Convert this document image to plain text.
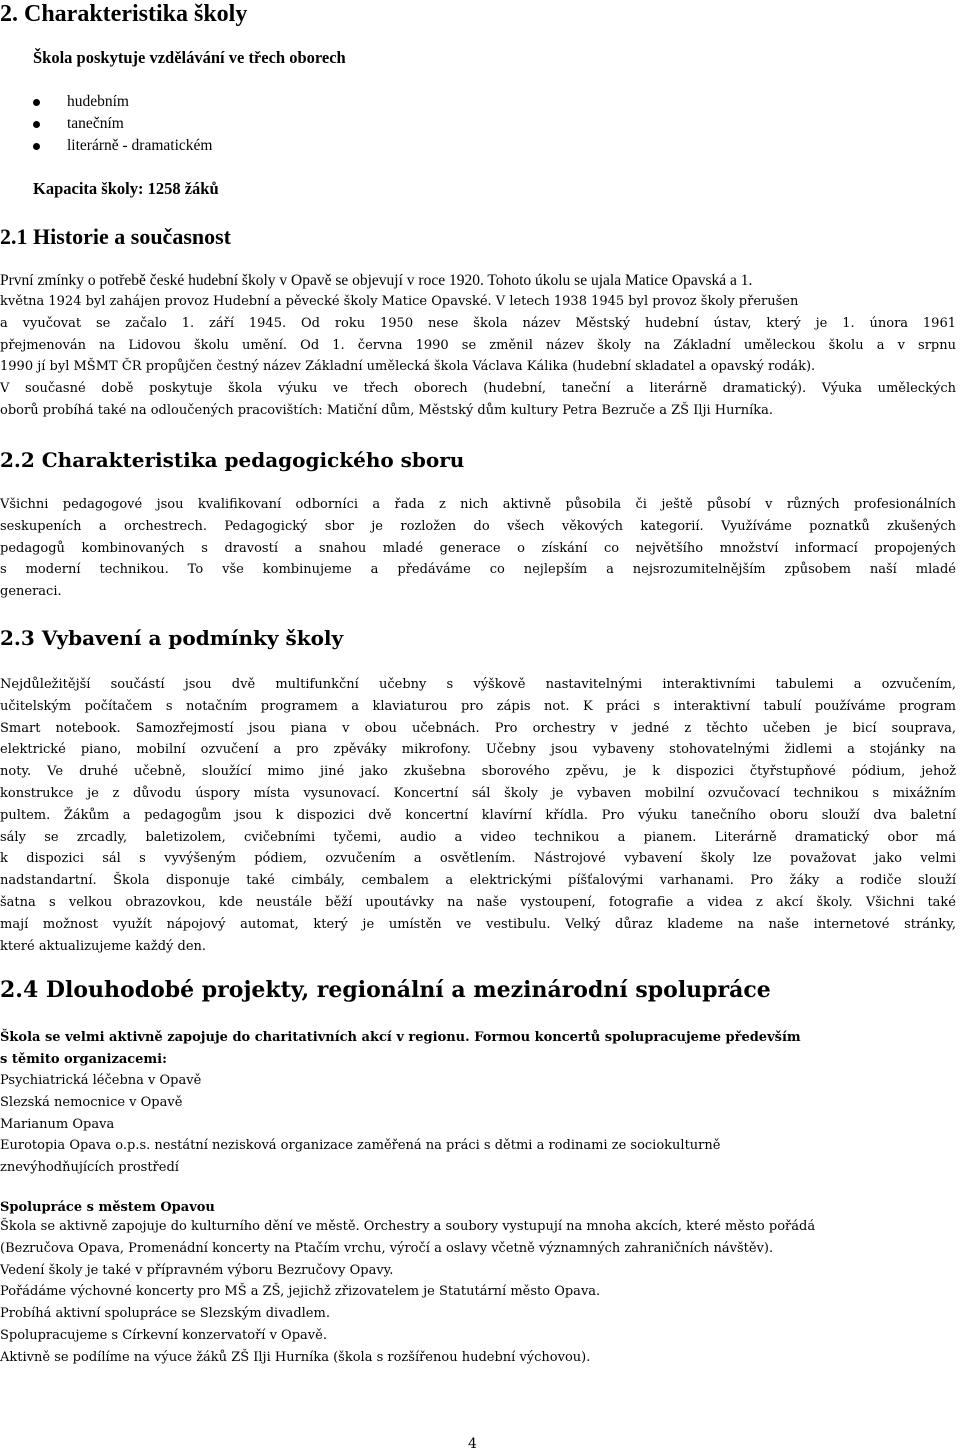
2. Charakteristika školy
Škola poskytuje vzdělávání ve třech oborech
hudebním
tanečním
literárně - dramatickém
Kapacita školy: 1258 žáků
2.1 Historie a současnost
První zmínky o potřebě české hudební školy v Opavě se objevují v roce 1920. Tohoto úkolu se ujala Matice Opavská a 1.
května 1924 byl zahájen provoz Hudební a pěvecké školy Matice Opavské. V letech 1938 1945 byl provoz školy přerušen
a vyučovat se začalo 1. září 1945. Od roku 1950 nese škola název Městský hudební ústav, který je 1. února 1961
přejmenován na Lidovou školu umění. Od 1. června 1990 se změnil název školy na Základní uměleckou školu a v srpnu
1990 jí byl MŠMT ČR propůjčen čestný název Základní umělecká škola Václava Kálika (hudební skladatel a opavský rodák).
V současné době poskytuje škola výuku ve třech oborech (hudební, taneční a literárně dramatický). Výuka uměleckých
oborů probíhá také na odloučených pracovištích: Matiční dům, Městský dům kultury Petra Bezruče a ZŠ Ilji Hurníka.
2.2 Charakteristika pedagogického sboru
Všichni pedagogové jsou kvalifikovaní odborníci a řada z nich aktivně působila či ještě působí v různých profesionálních
seskupeních a orchestrech. Pedagogický sbor je rozložen do všech věkových kategorií. Využíváme poznatků zkušených
pedagogů kombinovaných s dravostí a snahou mladé generace o získání co největšího množství informací propojených
s moderní technikou. To vše kombinujeme a předáváme co nejlepším a nejsrozumitelnějším způsobem naší mladé
generaci.
2.3 Vybavení a podmínky školy
Nejdůležitější součástí jsou dvě multifunkční učebny s výškově nastavitelnými interaktivními tabulemi a ozvučením,
učitelským počítačem s notačním programem a klaviaturou pro zápis not. K práci s interaktivní tabulí používáme program
Smart notebook. Samozřejmostí jsou piana v obou učebnách. Pro orchestry v jedné z těchto učeben je bicí souprava,
elektrické piano, mobilní ozvučení a pro zpěváky mikrofony. Učebny jsou vybaveny stohovatelnými židlemi a stojánky na
noty. Ve druhé učebně, sloužící mimo jiné jako zkušebna sborového zpěvu, je k dispozici čtyřstupňové pódium, jehož
konstrukce je z důvodu úspory místa vysunovací. Koncertní sál školy je vybaven mobilní ozvučovací technikou s mixážním
pultem. Žákům a pedagogům jsou k dispozici dvě koncertní klavírní křídla. Pro výuku tanečního oboru slouží dva baletní
sály se zrcadly, baletizolem, cvičebními tyčemi, audio a video technikou a pianem. Literárně dramatický obor má
k dispozici sál s vyvýšeným pódiem, ozvučením a osvětlením. Nástrojové vybavení školy lze považovat jako velmi
nadstandartní. Škola disponuje také cimbály, cembalem a elektrickými píšťalovými varhanami. Pro žáky a rodiče slouží
šatna s velkou obrazovkou, kde neustále běží upoutávky na naše vystoupení, fotografie a videa z akcí školy. Všichni také
mají možnost využít nápojový automat, který je umístěn ve vestibulu. Velký důraz klademe na naše internetové stránky,
které aktualizujeme každý den.
2.4 Dlouhodobé projekty, regionální a mezinárodní spolupráce
Škola se velmi aktivně zapojuje do charitativních akcí v regionu. Formou koncertů spolupracujeme především
s těmito organizacemi:
Psychiatrická léčebna v Opavě
Slezská nemocnice v Opavě
Marianum Opava
Eurotopia Opava o.p.s. nestátní nezisková organizace zaměřená na práci s dětmi a rodinami ze sociokulturně
znevýhodňujících prostředí
Spolupráce s městem Opavou
Škola se aktivně zapojuje do kulturního dění ve městě. Orchestry a soubory vystupují na mnoha akcích, které město pořádá
(Bezručova Opava, Promenádní koncerty na Ptačím vrchu, výročí a oslavy včetně významných zahraničních návštěv).
Vedení školy je také v přípravném výboru Bezručovy Opavy.
Pořádáme výchovné koncerty pro MŠ a ZŠ, jejichž zřizovatelem je Statutární město Opava.
Probíhá aktivní spolupráce se Slezským divadlem.
Spolupracujeme s Církevní konzervatoří v Opavě.
Aktivně se podílíme na výuce žáků ZŠ Ilji Hurníka (škola s rozšířenou hudební výchovou).
4
